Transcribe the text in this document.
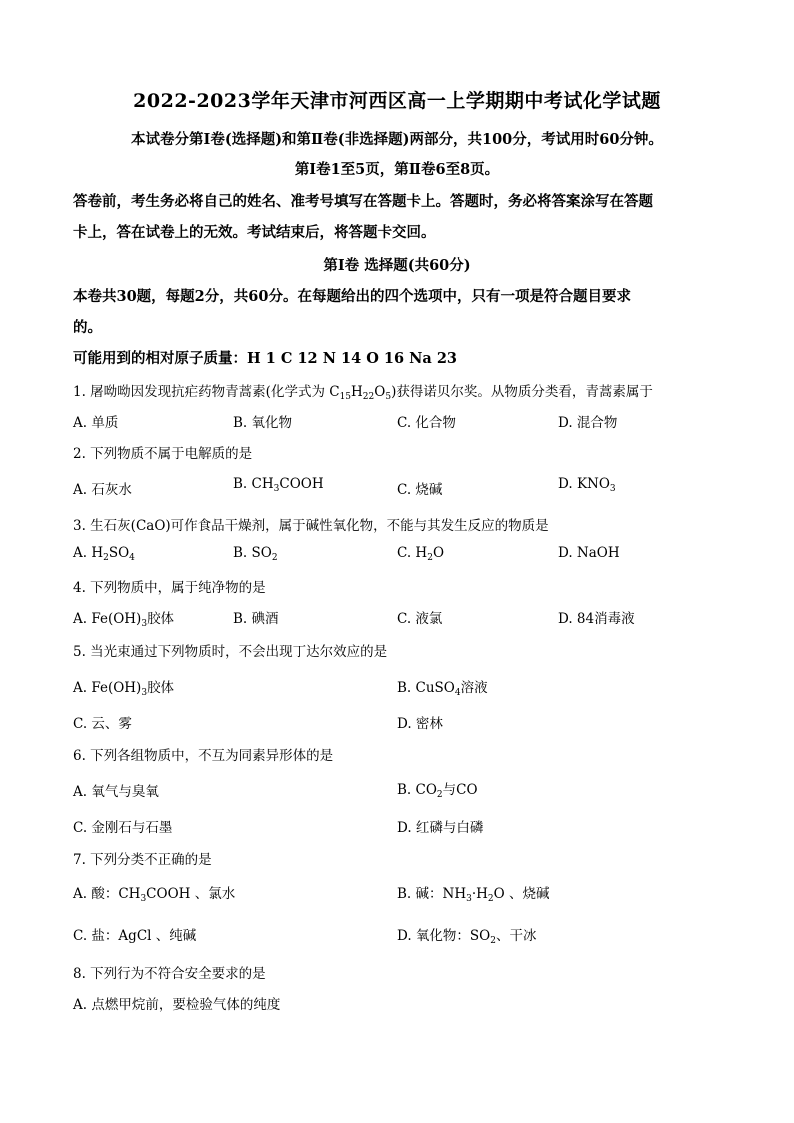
2022-2023学年天津市河西区高一上学期期中考试化学试题
本试卷分第Ⅰ卷(选择题)和第Ⅱ卷(非选择题)两部分，共100分，考试用时60分钟。
第Ⅰ卷1至5页，第Ⅱ卷6至8页。
答卷前，考生务必将自己的姓名、准考号填写在答题卡上。答题时，务必将答案涂写在答题
卡上，答在试卷上的无效。考试结束后，将答题卡交回。
第Ⅰ卷 选择题(共60分)
本卷共30题，每题2分，共60分。在每题给出的四个选项中，只有一项是符合题目要求
的。
可能用到的相对原子质量：H 1 C 12 N 14 O 16 Na 23
1. 屠呦呦因发现抗疟药物青蒿素(化学式为 $C_{15}H_{22}O_5$)获得诺贝尔奖。从物质分类看，青蒿素属于
A. 单质	B. 氧化物	C. 化合物	D. 混合物
2. 下列物质不属于电解质的是
A. 石灰水	B. $CH_3COOH$	C. 烧碱	D. $KNO_3$
3. 生石灰(CaO)可作食品干燥剂，属于碱性氧化物，不能与其发生反应的物质是
A. $H_2SO_4$	B. $SO_2$	C. $H_2O$	D. NaOH
4. 下列物质中，属于纯净物的是
A. $Fe(OH)_3$胶体	B. 碘酒	C. 液氯	D. 84消毒液
5. 当光束通过下列物质时，不会出现丁达尔效应的是
A. $Fe(OH)_3$胶体	B. CuSO$_4$溶液
C. 云、雾	D. 密林
6. 下列各组物质中，不互为同素异形体的是
A. 氧气与臭氧	B. $CO_2$与CO
C. 金刚石与石墨	D. 红磷与白磷
7. 下列分类不正确的是
A. 酸：$CH_3COOH$ 、氯水	B. 碱：$NH_3\cdot H_2O$ 、烧碱
C. 盐：AgCl 、纯碱	D. 氧化物：$SO_2$、干冰
8. 下列行为不符合安全要求的是
A. 点燃甲烷前，要检验气体的纯度
